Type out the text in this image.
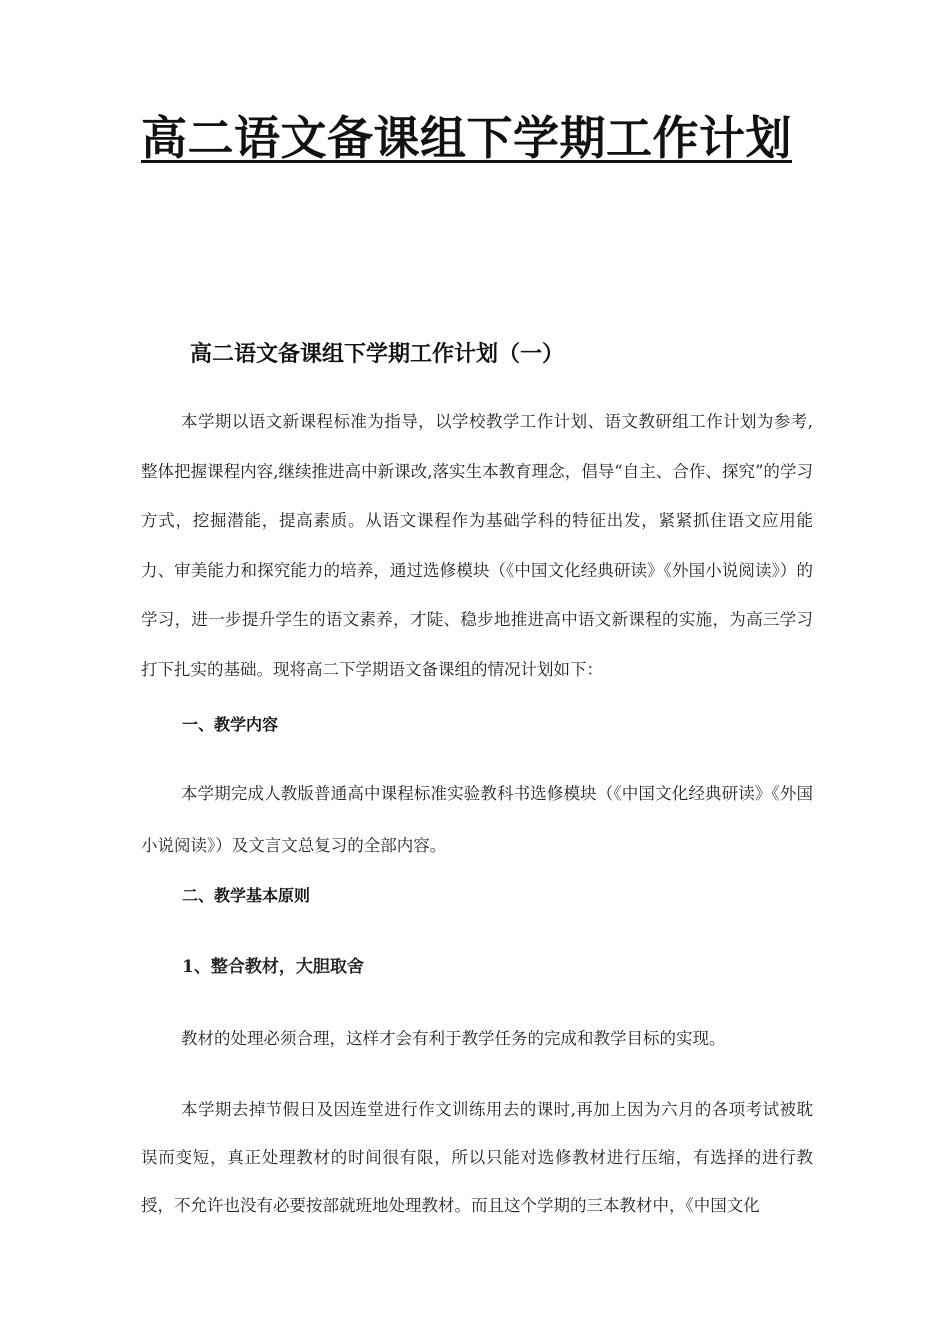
高二语文备课组下学期工作计划
高二语文备课组下学期工作计划（一）

本学期以语文新课程标准为指导，以学校教学工作计划、语文教研组工作计划为参考,整体把握课程内容,继续推进高中新课改,落实生本教育理念，倡导“自主、合作、探究”的学习方式，挖掘潜能，提高素质。从语文课程作为基础学科的特征出发，紧紧抓住语文应用能力、审美能力和探究能力的培养，通过选修模块（《中国文化经典研读》《外国小说阅读》）的学习，进一步提升学生的语文素养，才陡、稳步地推进高中语文新课程的实施，为高三学习打下扎实的基础。现将高二下学期语文备课组的情况计划如下：

一、教学内容

本学期完成人教版普通高中课程标准实验教科书选修模块（《中国文化经典研读》《外国小说阅读》）及文言文总复习的全部内容。

二、教学基本原则
1、整合教材，大胆取舍

教材的处理必须合理，这样才会有利于教学任务的完成和教学目标的实现。

本学期去掉节假日及因连堂进行作文训练用去的课时,再加上因为六月的各项考试被耽误而变短，真正处理教材的时间很有限，所以只能对选修教材进行压缩，有选择的进行教授，不允许也没有必要按部就班地处理教材。而且这个学期的三本教材中，《中国文化
